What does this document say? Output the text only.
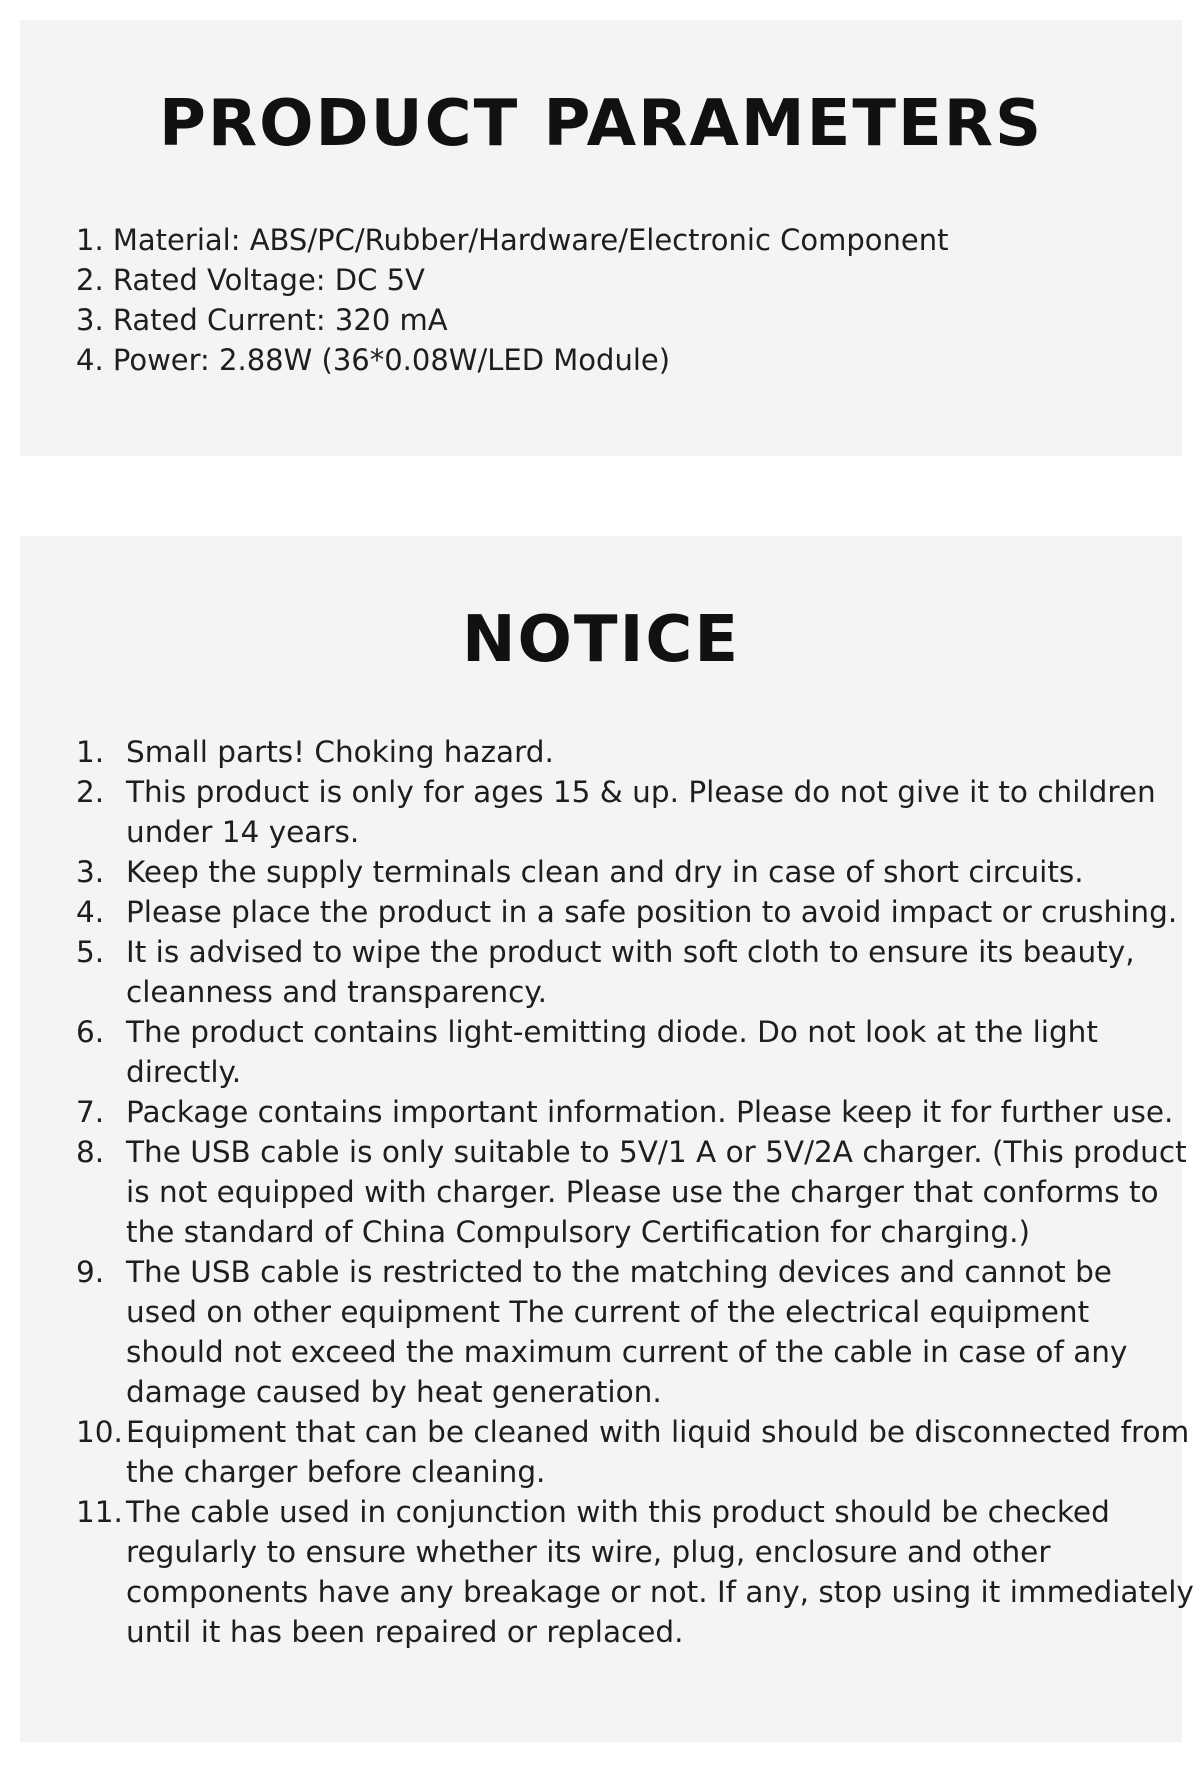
PRODUCT PARAMETERS
1. Material: ABS/PC/Rubber/Hardware/Electronic Component
2. Rated Voltage: DC 5V
3. Rated Current: 320 mA
4. Power: 2.88W (36*0.08W/LED Module)
NOTICE
1. Small parts! Choking hazard.
2. This product is only for ages 15 & up. Please do not give it to children
under 14 years.
3. Keep the supply terminals clean and dry in case of short circuits.
4. Please place the product in a safe position to avoid impact or crushing.
5. It is advised to wipe the product with soft cloth to ensure its beauty,
cleanness and transparency.
6. The product contains light-emitting diode. Do not look at the light
directly.
7. Package contains important information. Please keep it for further use.
8. The USB cable is only suitable to 5V/1 A or 5V/2A charger. (This product
is not equipped with charger. Please use the charger that conforms to
the standard of China Compulsory Certification for charging.)
9. The USB cable is restricted to the matching devices and cannot be
used on other equipment The current of the electrical equipment
should not exceed the maximum current of the cable in case of any
damage caused by heat generation.
10. Equipment that can be cleaned with liquid should be disconnected from
the charger before cleaning.
11. The cable used in conjunction with this product should be checked
regularly to ensure whether its wire, plug, enclosure and other
components have any breakage or not. If any, stop using it immediately
until it has been repaired or replaced.
